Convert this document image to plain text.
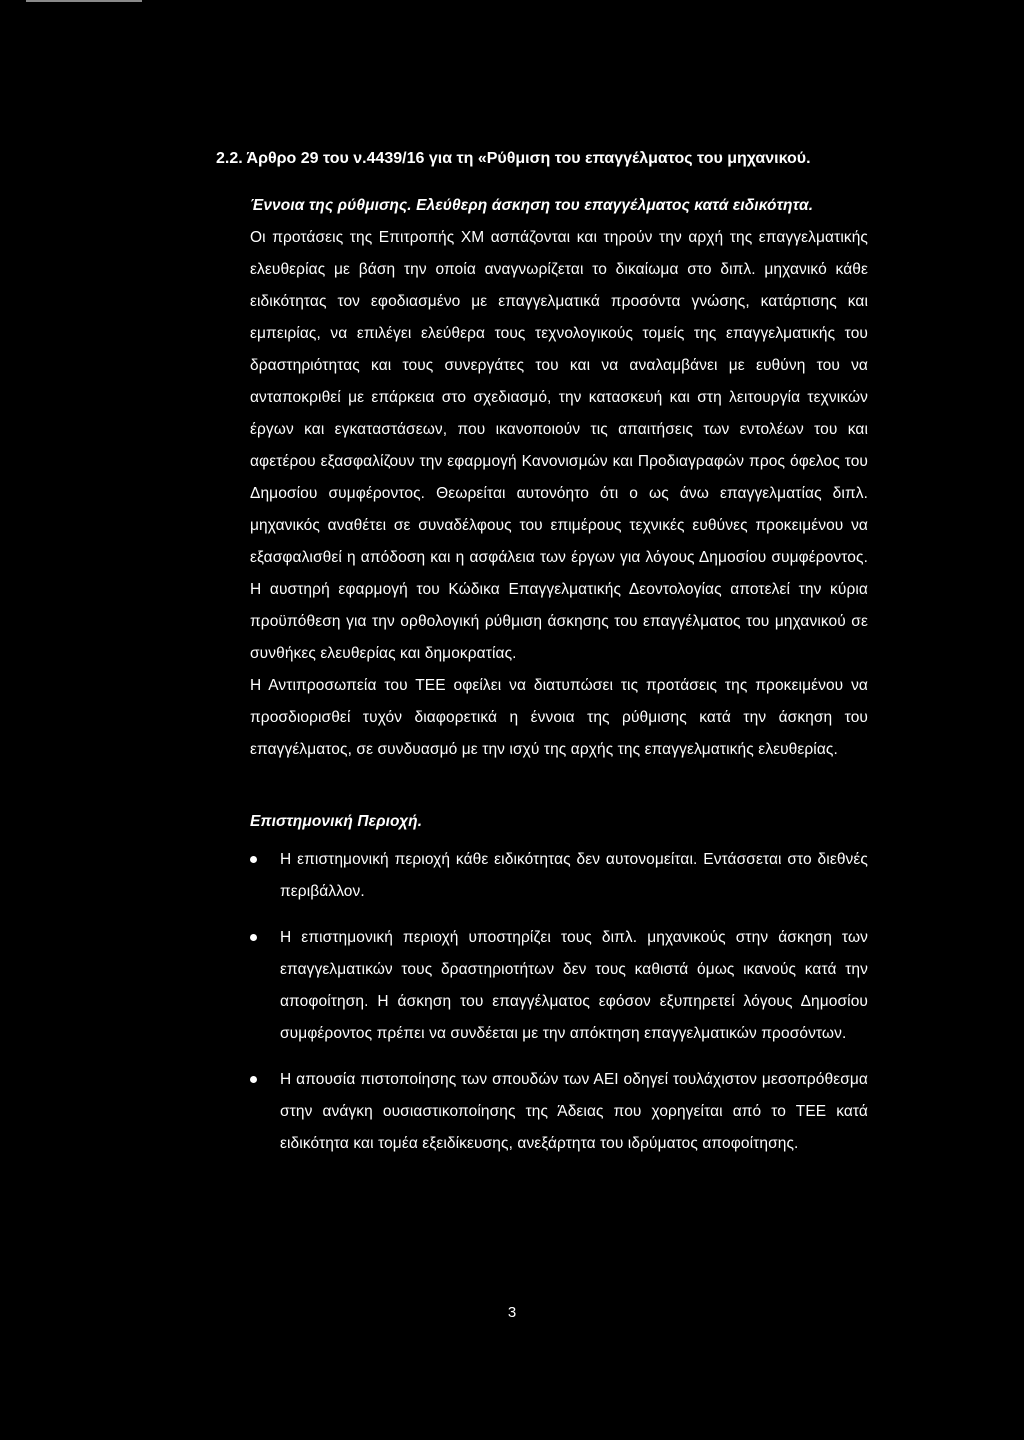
2.2. Άρθρο 29 του ν.4439/16 για τη «Ρύθμιση του επαγγέλματος του μηχανικού.
Έννοια της ρύθμισης. Ελεύθερη άσκηση του επαγγέλματος κατά ειδικότητα.

Οι προτάσεις της Επιτροπής ΧΜ ασπάζονται και τηρούν την αρχή της επαγγελματικής ελευθερίας με βάση την οποία αναγνωρίζεται το δικαίωμα στο διπλ. μηχανικό κάθε ειδικότητας τον εφοδιασμένο με επαγγελματικά προσόντα γνώσης, κατάρτισης και εμπειρίας, να επιλέγει ελεύθερα τους τεχνολογικούς τομείς της επαγγελματικής του δραστηριότητας και τους συνεργάτες του και να αναλαμβάνει με ευθύνη του να ανταποκριθεί με επάρκεια στο σχεδιασμό, την κατασκευή και στη λειτουργία τεχνικών έργων και εγκαταστάσεων, που ικανοποιούν τις απαιτήσεις των εντολέων του και αφετέρου εξασφαλίζουν την εφαρμογή Κανονισμών και Προδιαγραφών προς όφελος του Δημοσίου συμφέροντος. Θεωρείται αυτονόητο ότι ο ως άνω επαγγελματίας διπλ. μηχανικός αναθέτει σε συναδέλφους του επιμέρους τεχνικές ευθύνες προκειμένου να εξασφαλισθεί η απόδοση και η ασφάλεια των έργων για λόγους Δημοσίου συμφέροντος. Η αυστηρή εφαρμογή του Κώδικα Επαγγελματικής Δεοντολογίας αποτελεί την κύρια προϋπόθεση για την ορθολογική ρύθμιση άσκησης του επαγγέλματος του μηχανικού σε συνθήκες ελευθερίας και δημοκρατίας.

Η Αντιπροσωπεία του ΤΕΕ οφείλει να διατυπώσει τις προτάσεις της προκειμένου να προσδιορισθεί τυχόν διαφορετικά η έννοια της ρύθμισης κατά την άσκηση του επαγγέλματος, σε συνδυασμό με την ισχύ της αρχής της επαγγελματικής ελευθερίας.

Επιστημονική Περιοχή.
Η επιστημονική περιοχή κάθε ειδικότητας δεν αυτονομείται. Εντάσσεται στο διεθνές περιβάλλον.
Η επιστημονική περιοχή υποστηρίζει τους διπλ. μηχανικούς στην άσκηση των επαγγελματικών τους δραστηριοτήτων δεν τους καθιστά όμως ικανούς κατά την αποφοίτηση. Η άσκηση του επαγγέλματος εφόσον εξυπηρετεί λόγους Δημοσίου συμφέροντος πρέπει να συνδέεται με την απόκτηση επαγγελματικών προσόντων.
Η απουσία πιστοποίησης των σπουδών των ΑΕΙ οδηγεί τουλάχιστον μεσοπρόθεσμα στην ανάγκη ουσιαστικοποίησης της Άδειας που χορηγείται από το ΤΕΕ κατά ειδικότητα και τομέα εξειδίκευσης, ανεξάρτητα του ιδρύματος αποφοίτησης.
3
